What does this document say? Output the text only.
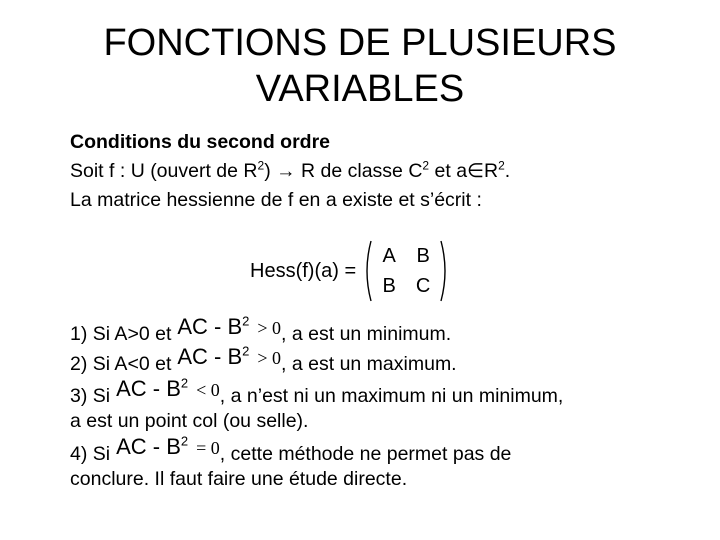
FONCTIONS DE PLUSIEURS
VARIABLES
Conditions du second ordre
Soit f : U (ouvert de $R^2) \to R$ de classe $C^2$ et $a\in R^2$.
La matrice hessienne de f en a existe et s’écrit :
Hess(f)(a) =
A	B
B	C
1) Si A>0 et AC - $B^2 > 0$, a est un minimum.
2) Si A<0 et AC - $B^2 > 0$, a est un maximum.
3) Si AC - $B^2 < 0$, a n’est ni un maximum ni un minimum,
a est un point col (ou selle).
4) Si AC - $B^2 = 0$, cette méthode ne permet pas de
conclure. Il faut faire une étude directe.
